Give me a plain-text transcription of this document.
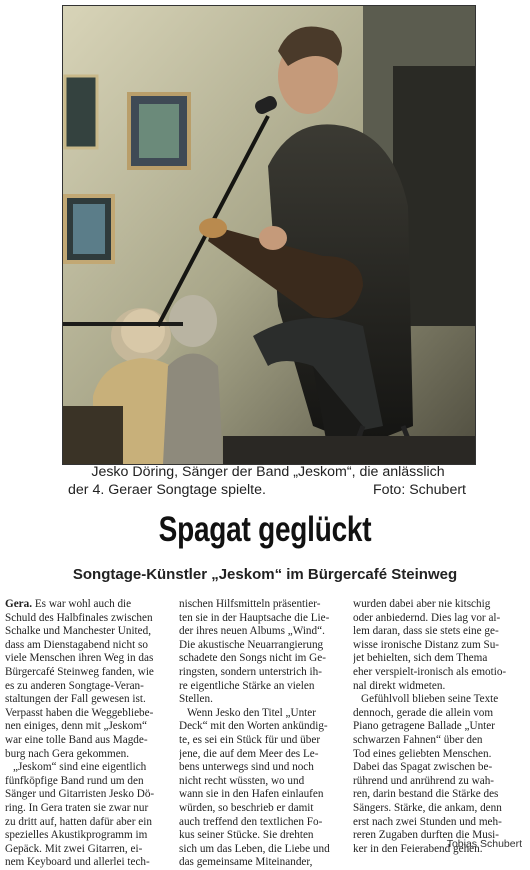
Jesko Döring, Sänger der Band „Jeskom“, die anlässlich
der 4. Geraer Songtage spielte.	Foto: Schubert
Spagat geglückt
Songtage-Künstler „Jeskom“ im Bürgercafé Steinweg
Gera. Es war wohl auch die
Schuld des Halbfinales zwischen
Schalke und Manchester United,
dass am Dienstagabend nicht so
viele Menschen ihren Weg in das
Bürgercafé Steinweg fanden, wie
es zu anderen Songtage-Veran-
staltungen der Fall gewesen ist.
Verpasst haben die Weggebliebe-
nen einiges, denn mit „Jeskom“
war eine tolle Band aus Magde-
burg nach Gera gekommen.
„Jeskom“ sind eine eigentlich
fünfköpfige Band rund um den
Sänger und Gitarristen Jesko Dö-
ring. In Gera traten sie zwar nur
zu dritt auf, hatten dafür aber ein
spezielles Akustikprogramm im
Gepäck. Mit zwei Gitarren, ei-
nem Keyboard und allerlei tech-
nischen Hilfsmitteln präsentier-
ten sie in der Hauptsache die Lie-
der ihres neuen Albums „Wind“.
Die akustische Neuarrangierung
schadete den Songs nicht im Ge-
ringsten, sondern unterstrich ih-
re eigentliche Stärke an vielen
Stellen.
Wenn Jesko den Titel „Unter
Deck“ mit den Worten ankündig-
te, es sei ein Stück für und über
jene, die auf dem Meer des Le-
bens unterwegs sind und noch
nicht recht wüssten, wo und
wann sie in den Hafen einlaufen
würden, so beschrieb er damit
auch treffend den textlichen Fo-
kus seiner Stücke. Sie drehten
sich um das Leben, die Liebe und
das gemeinsame Miteinander,
wurden dabei aber nie kitschig
oder anbiedernd. Dies lag vor al-
lem daran, dass sie stets eine ge-
wisse ironische Distanz zum Su-
jet behielten, sich dem Thema
eher verspielt-ironisch als emotio-
nal direkt widmeten.
Gefühlvoll blieben seine Texte
dennoch, gerade die allein vom
Piano getragene Ballade „Unter
schwarzen Fahnen“ über den
Tod eines geliebten Menschen.
Dabei das Spagat zwischen be-
rührend und anrührend zu wah-
ren, darin bestand die Stärke des
Sängers. Stärke, die ankam, denn
erst nach zwei Stunden und meh-
reren Zugaben durften die Musi-
ker in den Feierabend gehen.
Tobias Schubert
